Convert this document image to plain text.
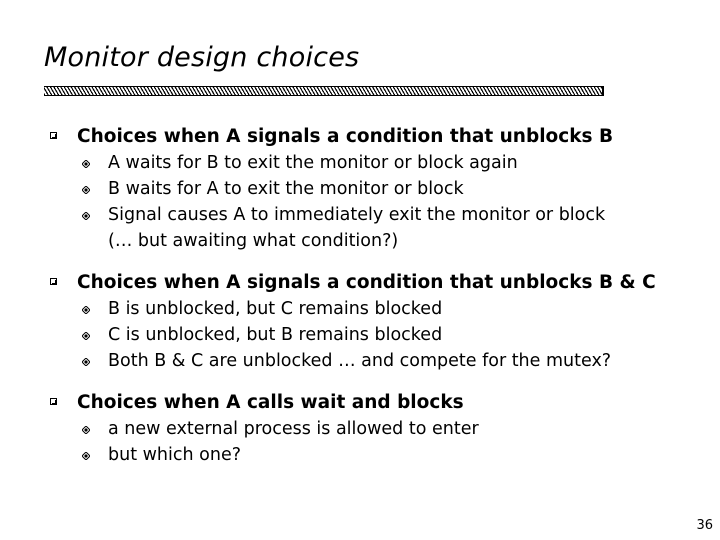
Monitor design choices
Choices when A signals a condition that unblocks B
A waits for B to exit the monitor or block again
B waits for A to exit the monitor or block
Signal causes A to immediately exit the monitor or block
(… but awaiting what condition?)
Choices when A signals a condition that unblocks B & C
B is unblocked, but C remains blocked
C is unblocked, but B remains blocked
Both B & C are unblocked … and compete for the mutex?
Choices when A calls wait and blocks
a new external process is allowed to enter
but which one?
36
